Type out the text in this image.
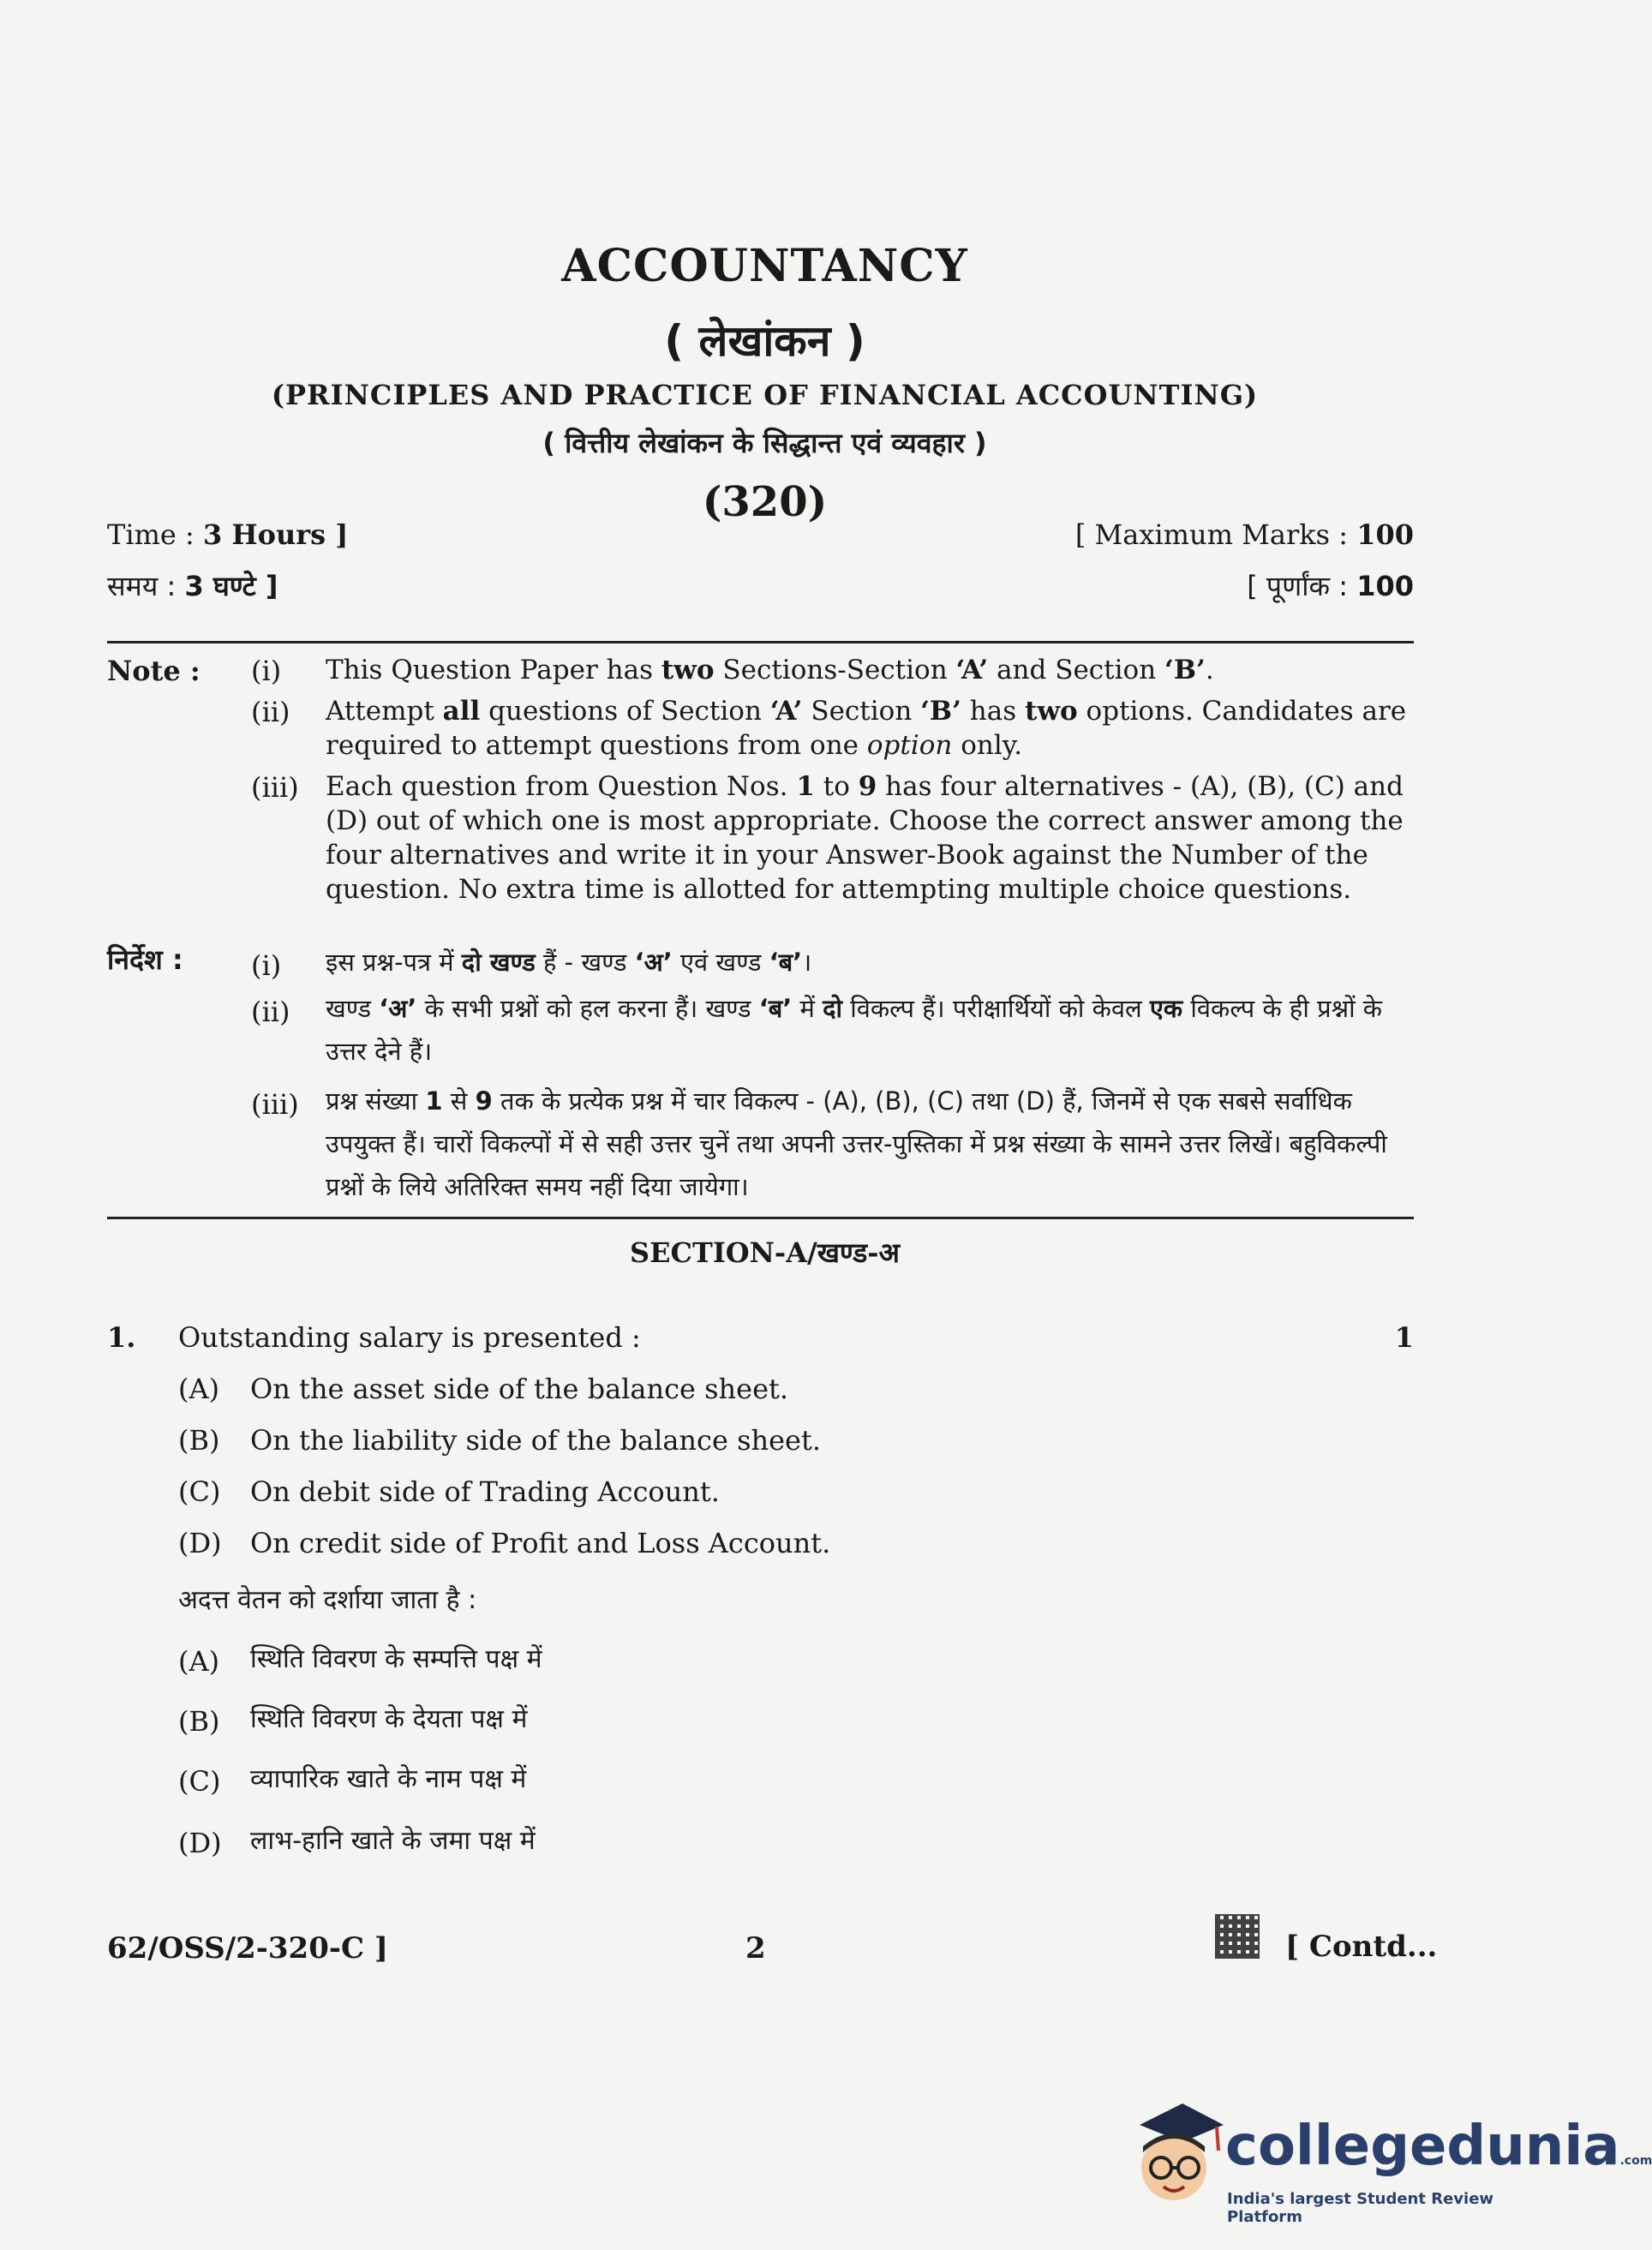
ACCOUNTANCY
( लेखांकन )
(PRINCIPLES AND PRACTICE OF FINANCIAL ACCOUNTING)
( वित्तीय लेखांकन के सिद्धान्त एवं व्यवहार )
(320)
Time : 3 Hours ]	[ Maximum Marks : 100
समय : 3 घण्टे ]	[ पूर्णांक : 100
Note : (i) This Question Paper has two Sections-Section ‘A’ and Section ‘B’.
(ii) Attempt all questions of Section ‘A’ Section ‘B’ has two options. Candidates are required to attempt questions from one option only.
(iii) Each question from Question Nos. 1 to 9 has four alternatives - (A), (B), (C) and (D) out of which one is most appropriate. Choose the correct answer among the four alternatives and write it in your Answer-Book against the Number of the question. No extra time is allotted for attempting multiple choice questions.
निर्देश : (i) इस प्रश्न-पत्र में दो खण्ड हैं - खण्ड ‘अ’ एवं खण्ड ‘ब’।
(ii) खण्ड ‘अ’ के सभी प्रश्नों को हल करना हैं। खण्ड ‘ब’ में दो विकल्प हैं। परीक्षार्थियों को केवल एक विकल्प के ही प्रश्नों के उत्तर देने हैं।
(iii) प्रश्न संख्या 1 से 9 तक के प्रत्येक प्रश्न में चार विकल्प - (A), (B), (C) तथा (D) हैं, जिनमें से एक सबसे सर्वाधिक उपयुक्त हैं। चारों विकल्पों में से सही उत्तर चुनें तथा अपनी उत्तर-पुस्तिका में प्रश्न संख्या के सामने उत्तर लिखें। बहुविकल्पी प्रश्नों के लिये अतिरिक्त समय नहीं दिया जायेगा।
SECTION-A/खण्ड-अ
1. Outstanding salary is presented :	1
(A) On the asset side of the balance sheet.
(B) On the liability side of the balance sheet.
(C) On debit side of Trading Account.
(D) On credit side of Profit and Loss Account.
अदत्त वेतन को दर्शाया जाता है :
(A) स्थिति विवरण के सम्पत्ति पक्ष में
(B) स्थिति विवरण के देयता पक्ष में
(C) व्यापारिक खाते के नाम पक्ष में
(D) लाभ-हानि खाते के जमा पक्ष में
62/OSS/2-320-C ]	2	[ Contd...
collegedunia.com
India's largest Student Review Platform
